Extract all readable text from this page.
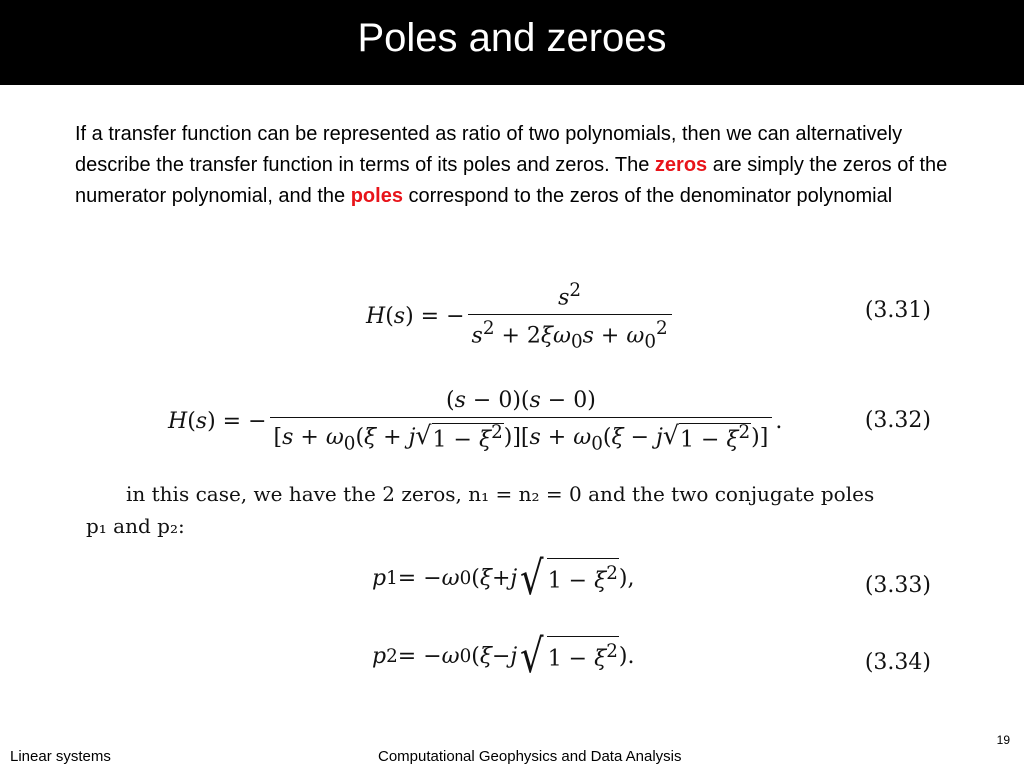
Poles and zeroes

If a transfer function can be represented as ratio of two polynomials, then we can alternatively describe the transfer function in terms of its poles and zeros. The zeros are simply the zeros of the numerator polynomial, and the poles correspond to the zeros of the denominator polynomial

H ( s ) = − $\frac{s^2}{s^2 + 2\xi\omega_0s + \omega_0^2}$	(3.31)
H ( s ) = − $\frac{(s - 0)(s - 0)}{[s + \omega_0(\xi + j √ 1 - \xi^2 )][s + \omega_0(\xi - j √ 1 - \xi^2 )]}$ .	(3.32)
in this case, we have the 2 zeros, n₁ = n₂ = 0 and the two conjugate poles
p₁ and p₂:
p 1 = − ω 0 ( ξ + j √ $1 - \xi^2$ ),	(3.33)
p 2 = − ω 0 ( ξ − j √ $1 - \xi^2$ ).	(3.34)
19
Linear systems	Computational Geophysics and Data Analysis
